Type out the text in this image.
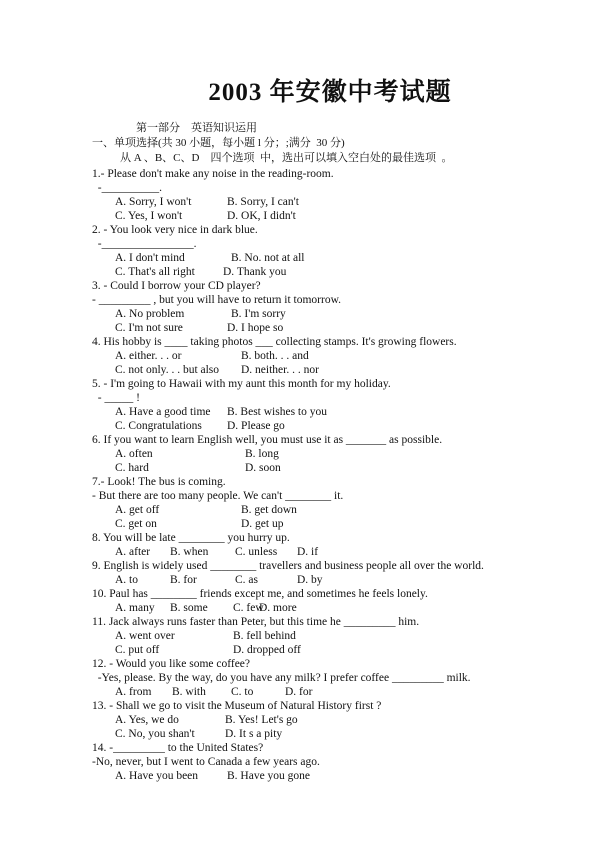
2003 年安徽中考试题
第一部分    英语知识运用
一、单项选择(共 30 小题，每小题 l 分；;满分  30 分)
从 A 、B、C、D    四个选项  中，选出可以填入空白处的最佳选项  。
1.- Please don't make any noise in the reading-room.
-__________.
A. Sorry, I won't	B. Sorry, I can't
C. Yes, I won't	D. OK, I didn't
2. - You look very nice in dark blue.
-________________.
A. I don't mind	B. No. not at all
C. That's all right D. Thank you
3. - Could I borrow your CD player?
- _________ , but you will have to return it tomorrow.
A. No problem	B. I'm sorry
C. I'm not sure	D. I hope so
4. His hobby is ____ taking photos ___ collecting stamps. It's growing flowers.
A. either. . . or	B. both. . . and
C. not only. . . but also D. neither. . . nor
5. - I'm going to Hawaii with my aunt this month for my holiday.
- _____ !
A. Have a good time B. Best wishes to you
C. Congratulations D. Please go
6. If you want to learn English well, you must use it as _______ as possible.
A. often	B. long
C. hard	D. soon
7.- Look! The bus is coming.
- But there are too many people. We can't ________ it.
A. get off	B. get down
C. get on	D. get up
8. You will be late ________ you hurry up.
A. after B. when C. unless D. if
9. English is widely used ________ travellers and business people all over the world.
A. to	B. for	C. as	D. by
10. Paul has ________ friends except me, and sometimes he feels lonely.
A. many B. some C. few
D. more
11. Jack always runs faster than Peter, but this time he _________ him.
A. went over	B. fell behind
C. put off	D. dropped off
12. - Would you like some coffee?
-Yes, please. By the way, do you have any milk? I prefer coffee _________ milk.
A. from B. with C. to	D. for
13. - Shall we go to visit the Museum of Natural History first ?
A. Yes, we do	B. Yes! Let's go
C. No, you shan't	D. It s a pity
14. -_________ to the United States?
-No, never, but I went to Canada a few years ago.
A. Have you been	B. Have you gone
